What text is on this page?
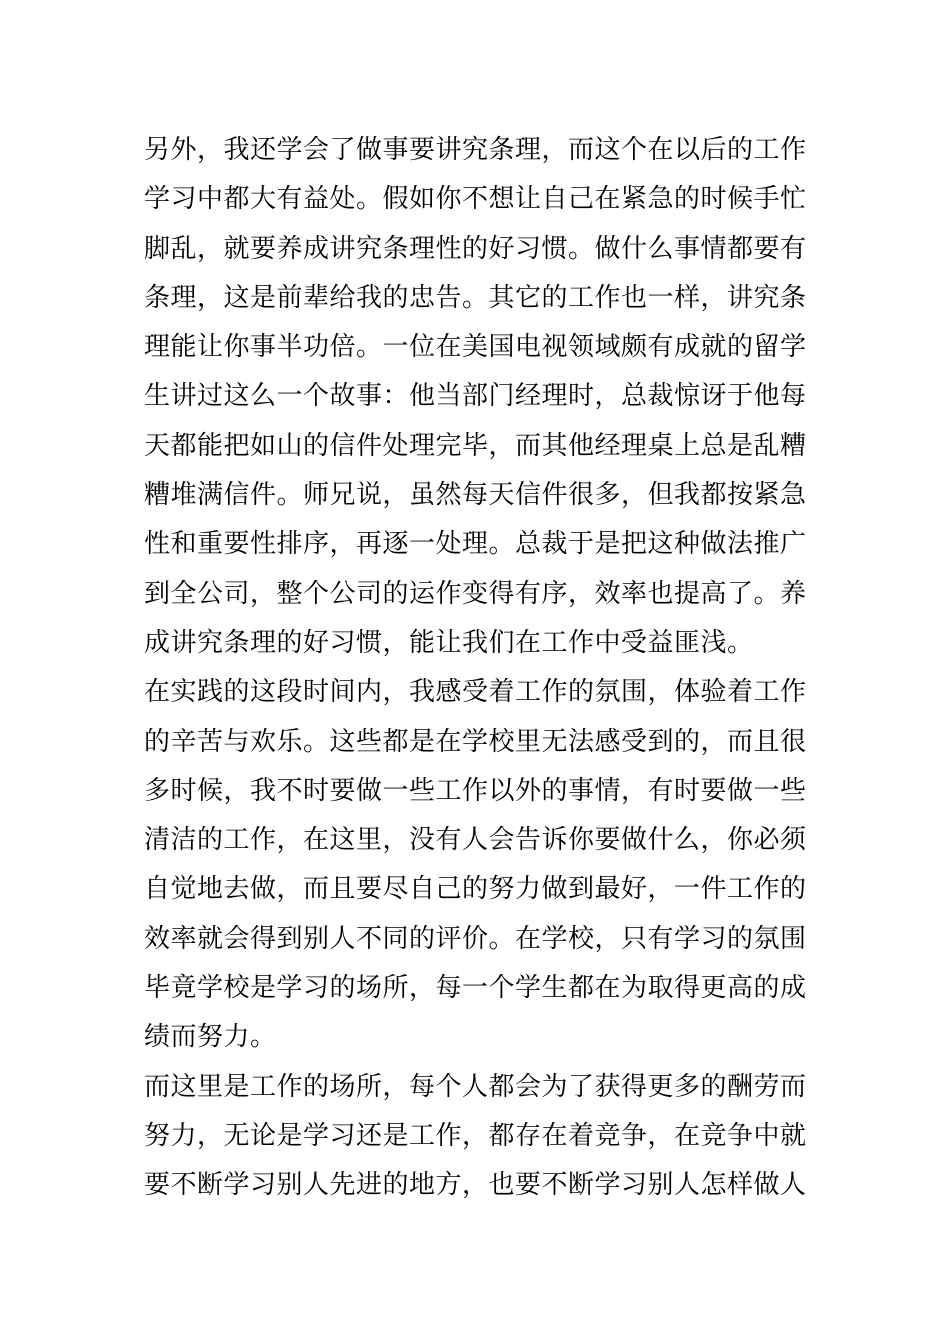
另外，我还学会了做事要讲究条理，而这个在以后的工作
学习中都大有益处。假如你不想让自己在紧急的时候手忙
脚乱，就要养成讲究条理性的好习惯。做什么事情都要有
条理，这是前辈给我的忠告。其它的工作也一样，讲究条
理能让你事半功倍。一位在美国电视领域颇有成就的留学
生讲过这么一个故事：他当部门经理时，总裁惊讶于他每
天都能把如山的信件处理完毕，而其他经理桌上总是乱糟
糟堆满信件。师兄说，虽然每天信件很多，但我都按紧急
性和重要性排序，再逐一处理。总裁于是把这种做法推广
到全公司，整个公司的运作变得有序，效率也提高了。养
成讲究条理的好习惯，能让我们在工作中受益匪浅。
在实践的这段时间内，我感受着工作的氛围，体验着工作
的辛苦与欢乐。这些都是在学校里无法感受到的，而且很
多时候，我不时要做一些工作以外的事情，有时要做一些
清洁的工作，在这里，没有人会告诉你要做什么，你必须
自觉地去做，而且要尽自己的努力做到最好，一件工作的
效率就会得到别人不同的评价。在学校，只有学习的氛围
毕竟学校是学习的场所，每一个学生都在为取得更高的成
绩而努力。
而这里是工作的场所，每个人都会为了获得更多的酬劳而
努力，无论是学习还是工作，都存在着竞争，在竞争中就
要不断学习别人先进的地方，也要不断学习别人怎样做人
